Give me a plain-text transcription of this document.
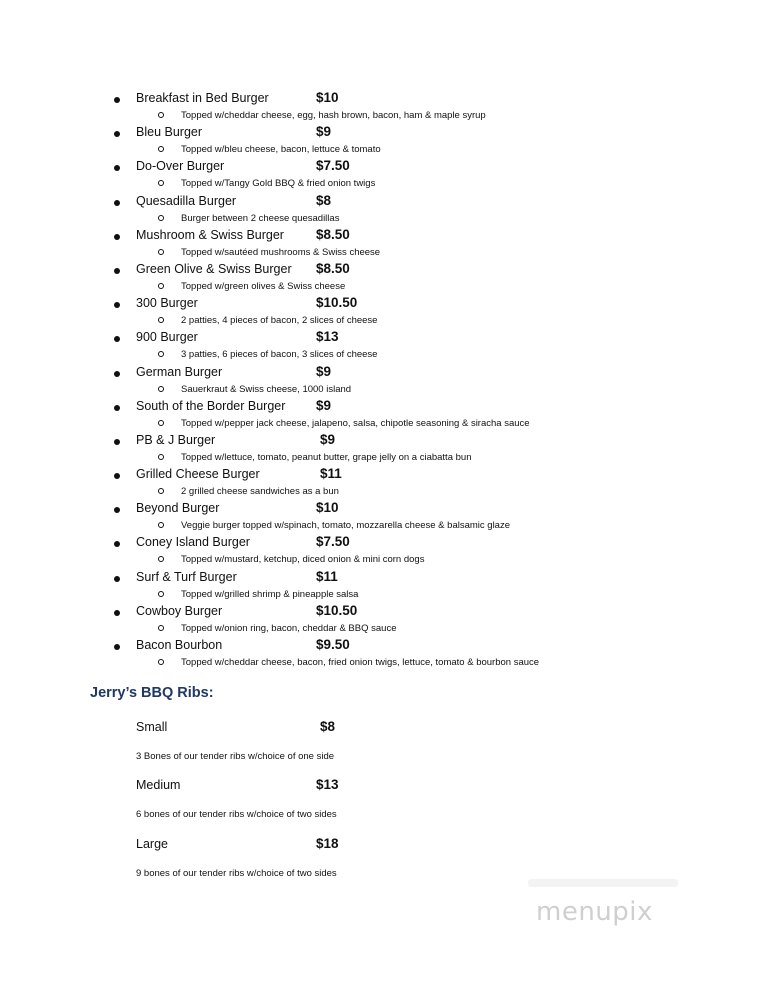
Breakfast in Bed Burger	$10
Topped w/cheddar cheese, egg, hash brown, bacon, ham & maple syrup
Bleu Burger	$9
Topped w/bleu cheese, bacon, lettuce & tomato
Do-Over Burger	$7.50
Topped w/Tangy Gold BBQ & fried onion twigs
Quesadilla Burger	$8
Burger between 2 cheese quesadillas
Mushroom & Swiss Burger $8.50
Topped w/sautéed mushrooms & Swiss cheese
Green Olive & Swiss Burger $8.50
Topped w/green olives & Swiss cheese
300 Burger	$10.50
2 patties, 4 pieces of bacon, 2 slices of cheese
900 Burger	$13
3 patties, 6 pieces of bacon, 3 slices of cheese
German Burger	$9
Sauerkraut & Swiss cheese, 1000 island
South of the Border Burger $9
Topped w/pepper jack cheese, jalapeno, salsa, chipotle seasoning & siracha sauce
PB & J Burger	$9
Topped w/lettuce, tomato, peanut butter, grape jelly on a ciabatta bun
Grilled Cheese Burger	$11
2 grilled cheese sandwiches as a bun
Beyond Burger	$10
Veggie burger topped w/spinach, tomato, mozzarella cheese & balsamic glaze
Coney Island Burger	$7.50
Topped w/mustard, ketchup, diced onion & mini corn dogs
Surf & Turf Burger	$11
Topped w/grilled shrimp & pineapple salsa
Cowboy Burger	$10.50
Topped w/onion ring, bacon, cheddar & BBQ sauce
Bacon Bourbon	$9.50
Topped w/cheddar cheese, bacon, fried onion twigs, lettuce, tomato & bourbon sauce
Jerry’s BBQ Ribs:
Small	$8
3 Bones of our tender ribs w/choice of one side
Medium	$13
6 bones of our tender ribs w/choice of two sides
Large	$18
9 bones of our tender ribs w/choice of two sides
menupix
